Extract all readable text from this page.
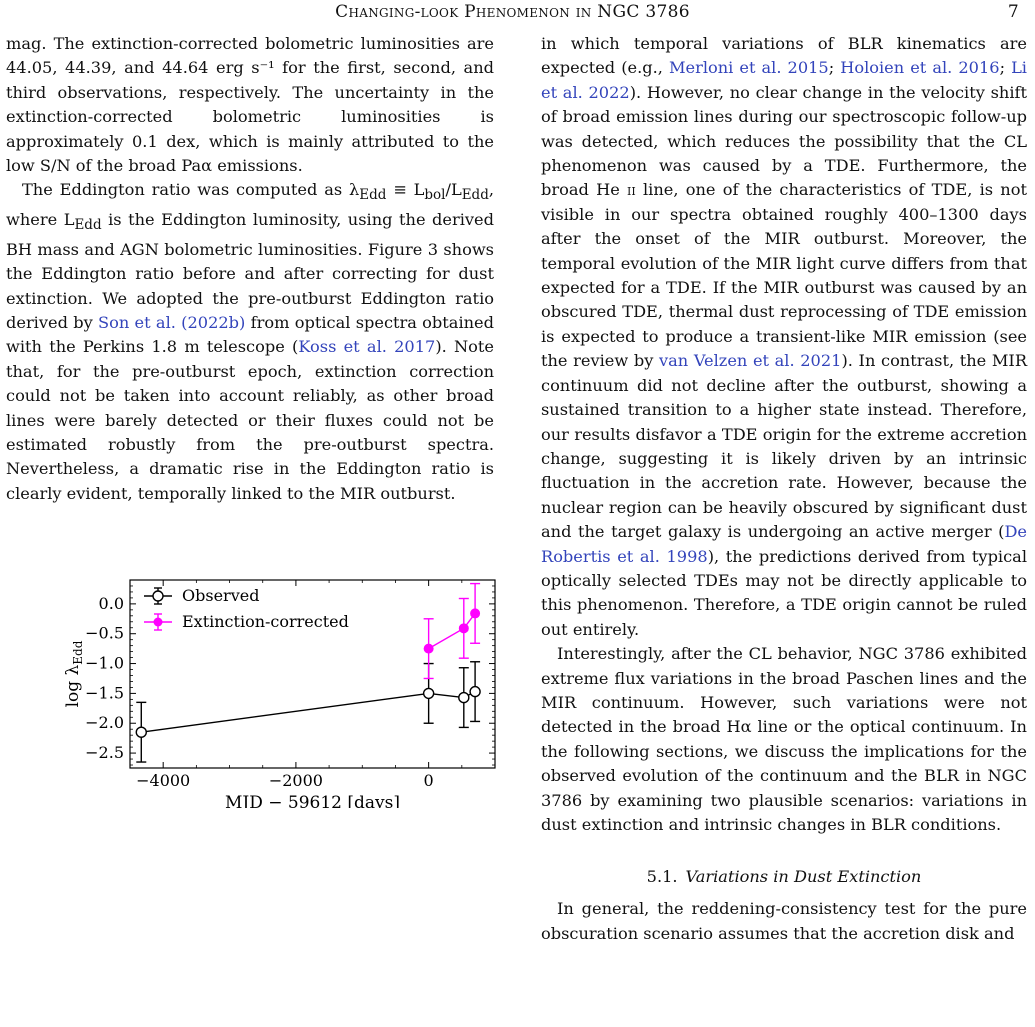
Changing-look Phenomenon in NGC 3786	7

mag. The extinction-corrected bolometric luminosities are 44.05, 44.39, and 44.64 erg s⁻¹ for the first, second, and third observations, respectively. The uncertainty in the extinction-corrected bolometric luminosities is approximately 0.1 dex, which is mainly attributed to the low S/N of the broad Paα emissions.

The Eddington ratio was computed as $\lambda_{Edd} \equiv L_{bol}/L_{Edd}$, where $L_{Edd}$ is the Eddington luminosity, using the derived BH mass and AGN bolometric luminosities. Figure 3 shows the Eddington ratio before and after correcting for dust extinction. We adopted the pre-outburst Eddington ratio derived by Son et al. (2022b) from optical spectra obtained with the Perkins 1.8 m telescope (Koss et al. 2017). Note that, for the pre-outburst epoch, extinction correction could not be taken into account reliably, as other broad lines were barely detected or their fluxes could not be estimated robustly from the pre-outburst spectra. Nevertheless, a dramatic rise in the Eddington ratio is clearly evident, temporally linked to the MIR outburst.

−4000	−2000	0
0.0
−0.5
−1.0
−1.5
−2.0
−2.5
MJD − 59612 [days]
$\log \lambda_{Edd}$
Observed
Extinction-corrected

in which temporal variations of BLR kinematics are expected (e.g., Merloni et al. 2015; Holoien et al. 2016; Li et al. 2022). However, no clear change in the velocity shift of broad emission lines during our spectroscopic follow-up was detected, which reduces the possibility that the CL phenomenon was caused by a TDE. Furthermore, the broad He ii line, one of the characteristics of TDE, is not visible in our spectra obtained roughly 400–1300 days after the onset of the MIR outburst. Moreover, the temporal evolution of the MIR light curve differs from that expected for a TDE. If the MIR outburst was caused by an obscured TDE, thermal dust reprocessing of TDE emission is expected to produce a transient-like MIR emission (see the review by van Velzen et al. 2021). In contrast, the MIR continuum did not decline after the outburst, showing a sustained transition to a higher state instead. Therefore, our results disfavor a TDE origin for the extreme accretion change, suggesting it is likely driven by an intrinsic fluctuation in the accretion rate. However, because the nuclear region can be heavily obscured by significant dust and the target galaxy is undergoing an active merger (De Robertis et al. 1998), the predictions derived from typical optically selected TDEs may not be directly applicable to this phenomenon. Therefore, a TDE origin cannot be ruled out entirely.

Interestingly, after the CL behavior, NGC 3786 exhibited extreme flux variations in the broad Paschen lines and the MIR continuum. However, such variations were not detected in the broad Hα line or the optical continuum. In the following sections, we discuss the implications for the observed evolution of the continuum and the BLR in NGC 3786 by examining two plausible scenarios: variations in dust extinction and intrinsic changes in BLR conditions.

5.1. Variations in Dust Extinction

In general, the reddening-consistency test for the pure obscuration scenario assumes that the accretion disk and
